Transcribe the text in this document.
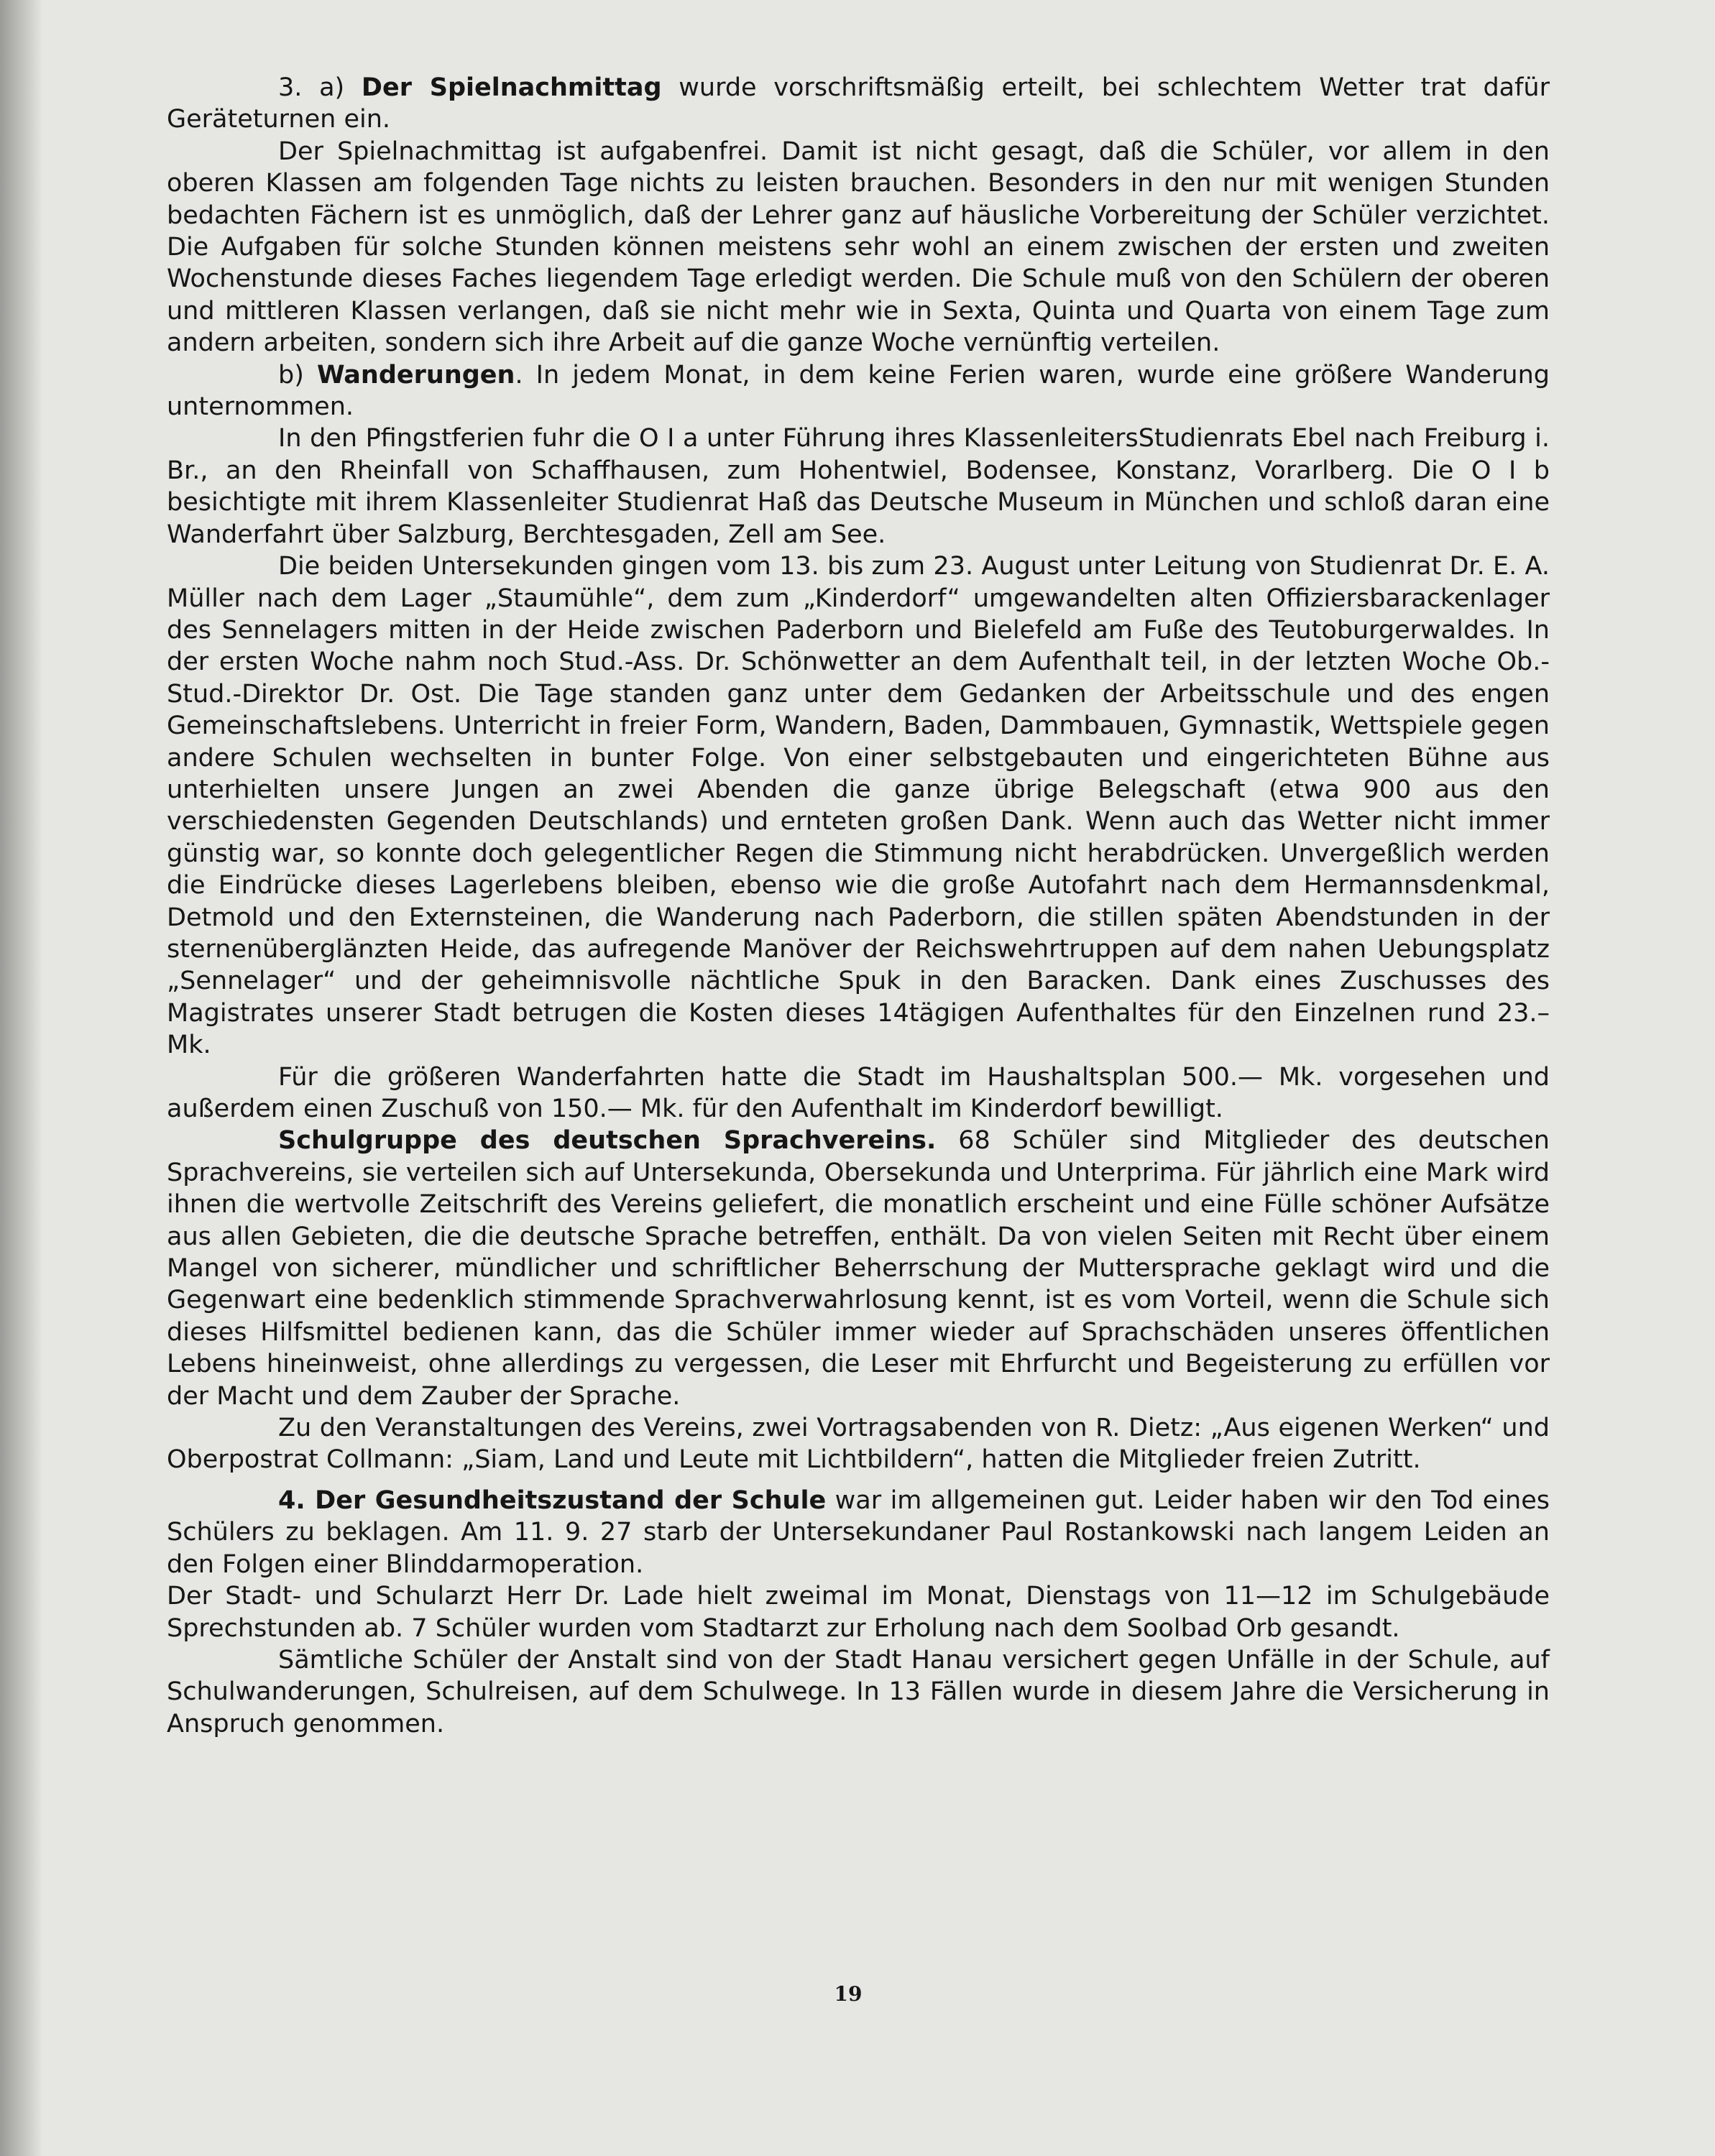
3. a) Der Spielnachmittag wurde vorschriftsmäßig erteilt, bei schlechtem Wetter trat dafür Geräteturnen ein.

Der Spielnachmittag ist aufgabenfrei. Damit ist nicht gesagt, daß die Schüler, vor allem in den oberen Klassen am folgenden Tage nichts zu leisten brauchen. Besonders in den nur mit wenigen Stunden bedachten Fächern ist es unmöglich, daß der Lehrer ganz auf häusliche Vorbereitung der Schüler verzichtet. Die Aufgaben für solche Stunden können meistens sehr wohl an einem zwischen der ersten und zweiten Wochenstunde dieses Faches liegendem Tage erledigt werden. Die Schule muß von den Schülern der oberen und mittleren Klassen verlangen, daß sie nicht mehr wie in Sexta, Quinta und Quarta von einem Tage zum andern arbeiten, sondern sich ihre Arbeit auf die ganze Woche vernünftig verteilen.

b) Wanderungen. In jedem Monat, in dem keine Ferien waren, wurde eine größere Wanderung unternommen.

In den Pfingstferien fuhr die O I a unter Führung ihres KlassenleitersStudienrats Ebel nach Freiburg i. Br., an den Rheinfall von Schaffhausen, zum Hohentwiel, Bodensee, Konstanz, Vorarlberg. Die O I b besichtigte mit ihrem Klassenleiter Studienrat Haß das Deutsche Museum in München und schloß daran eine Wanderfahrt über Salzburg, Berchtesgaden, Zell am See.

Die beiden Untersekunden gingen vom 13. bis zum 23. August unter Leitung von Studienrat Dr. E. A. Müller nach dem Lager „Staumühle“, dem zum „Kinderdorf“ umgewandelten alten Offiziersbarackenlager des Sennelagers mitten in der Heide zwischen Paderborn und Bielefeld am Fuße des Teutoburgerwaldes. In der ersten Woche nahm noch Stud.-Ass. Dr. Schönwetter an dem Aufenthalt teil, in der letzten Woche Ob.-Stud.-Direktor Dr. Ost. Die Tage standen ganz unter dem Gedanken der Arbeitsschule und des engen Gemeinschaftslebens. Unterricht in freier Form, Wandern, Baden, Dammbauen, Gymnastik, Wettspiele gegen andere Schulen wechselten in bunter Folge. Von einer selbstgebauten und eingerichteten Bühne aus unterhielten unsere Jungen an zwei Abenden die ganze übrige Belegschaft (etwa 900 aus den verschiedensten Gegenden Deutschlands) und ernteten großen Dank. Wenn auch das Wetter nicht immer günstig war, so konnte doch gelegentlicher Regen die Stimmung nicht herabdrücken. Unvergeßlich werden die Eindrücke dieses Lagerlebens bleiben, ebenso wie die große Autofahrt nach dem Hermannsdenkmal, Detmold und den Externsteinen, die Wanderung nach Paderborn, die stillen späten Abendstunden in der sternenüberglänzten Heide, das aufregende Manöver der Reichswehrtruppen auf dem nahen Uebungsplatz „Sennelager“ und der geheimnisvolle nächtliche Spuk in den Baracken. Dank eines Zuschusses des Magistrates unserer Stadt betrugen die Kosten dieses 14tägigen Aufenthaltes für den Einzelnen rund 23.– Mk.

Für die größeren Wanderfahrten hatte die Stadt im Haushaltsplan 500.— Mk. vorgesehen und außerdem einen Zuschuß von 150.— Mk. für den Aufenthalt im Kinderdorf bewilligt.

Schulgruppe des deutschen Sprachvereins. 68 Schüler sind Mitglieder des deutschen Sprachvereins, sie verteilen sich auf Untersekunda, Obersekunda und Unterprima. Für jährlich eine Mark wird ihnen die wertvolle Zeitschrift des Vereins geliefert, die monatlich erscheint und eine Fülle schöner Aufsätze aus allen Gebieten, die die deutsche Sprache betreffen, enthält. Da von vielen Seiten mit Recht über einem Mangel von sicherer, mündlicher und schriftlicher Beherrschung der Muttersprache geklagt wird und die Gegenwart eine bedenklich stimmende Sprachverwahrlosung kennt, ist es vom Vorteil, wenn die Schule sich dieses Hilfsmittel bedienen kann, das die Schüler immer wieder auf Sprachschäden unseres öffentlichen Lebens hineinweist, ohne allerdings zu vergessen, die Leser mit Ehrfurcht und Begeisterung zu erfüllen vor der Macht und dem Zauber der Sprache.

Zu den Veranstaltungen des Vereins, zwei Vortragsabenden von R. Dietz: „Aus eigenen Werken“ und Oberpostrat Collmann: „Siam, Land und Leute mit Lichtbildern“, hatten die Mitglieder freien Zutritt.

4. Der Gesundheitszustand der Schule war im allgemeinen gut. Leider haben wir den Tod eines Schülers zu beklagen. Am 11. 9. 27 starb der Untersekundaner Paul Rostankowski nach langem Leiden an den Folgen einer Blinddarmoperation.

Der Stadt- und Schularzt Herr Dr. Lade hielt zweimal im Monat, Dienstags von 11—12 im Schulgebäude Sprechstunden ab. 7 Schüler wurden vom Stadtarzt zur Erholung nach dem Soolbad Orb gesandt.

Sämtliche Schüler der Anstalt sind von der Stadt Hanau versichert gegen Unfälle in der Schule, auf Schulwanderungen, Schulreisen, auf dem Schulwege. In 13 Fällen wurde in diesem Jahre die Versicherung in Anspruch genommen.

19
